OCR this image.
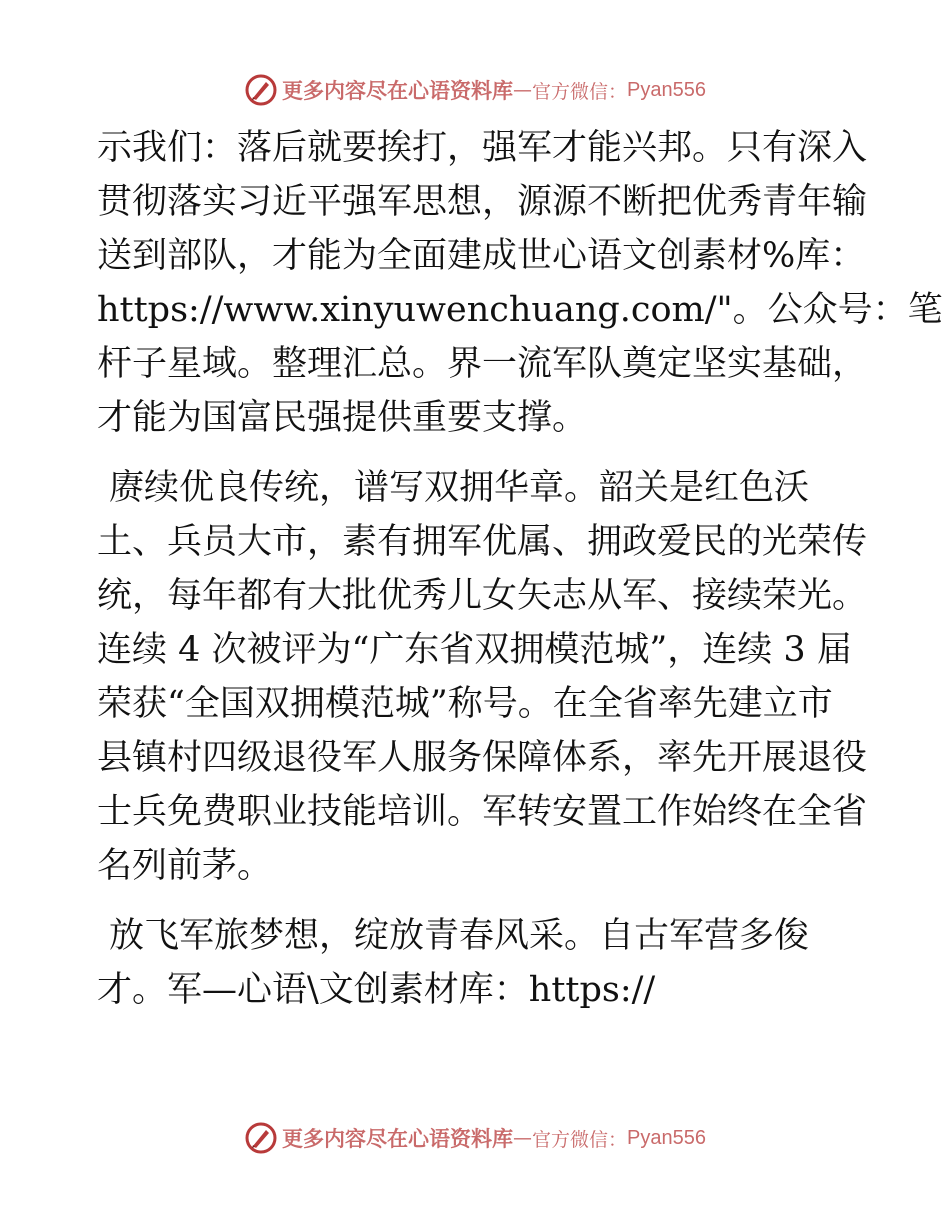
更多内容尽在心语资料库 — 官方微信： Pyan556
示我们：落后就要挨打，强军才能兴邦。只有深入
贯彻落实习近平强军思想，源源不断把优秀青年输
送到部队，才能为全面建成世心语文创素材%库：
https://www.xinyuwenchuang.com/"。公众号：笔
杆子星域。整理汇总。界一流军队奠定坚实基础，
才能为国富民强提供重要支撑。
赓续优良传统，谱写双拥华章。韶关是红色沃
土、兵员大市，素有拥军优属、拥政爱民的光荣传
统，每年都有大批优秀儿女矢志从军、接续荣光。
连续 4 次被评为“广东省双拥模范城”，连续 3 届
荣获“全国双拥模范城”称号。在全省率先建立市
县镇村四级退役军人服务保障体系，率先开展退役
士兵免费职业技能培训。军转安置工作始终在全省
名列前茅。
放飞军旅梦想，绽放青春风采。自古军营多俊
才。军—心语\文创素材库：https://
更多内容尽在心语资料库 — 官方微信： Pyan556
